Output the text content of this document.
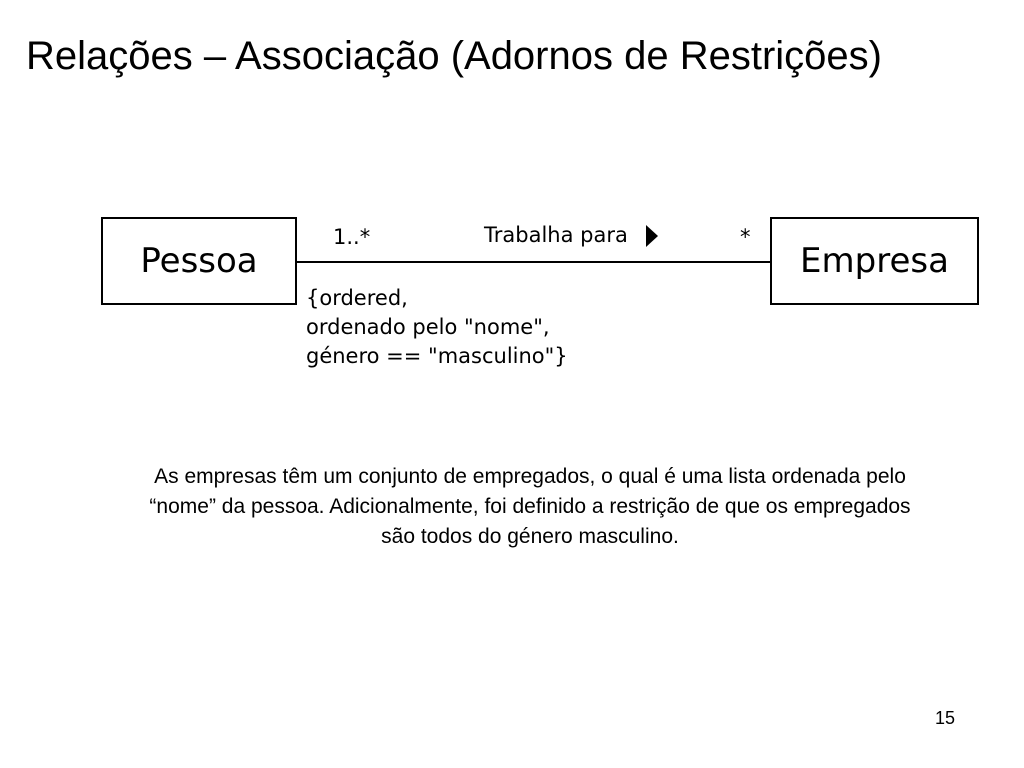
Relações – Associação (Adornos de Restrições)
Pessoa	Empresa
1..*	Trabalha para	*
{ordered,
ordenado pelo "nome",
género == "masculino"}
As empresas têm um conjunto de empregados, o qual é uma lista ordenada pelo “nome” da pessoa. Adicionalmente, foi definido a restrição de que os empregados são todos do género masculino.
15
